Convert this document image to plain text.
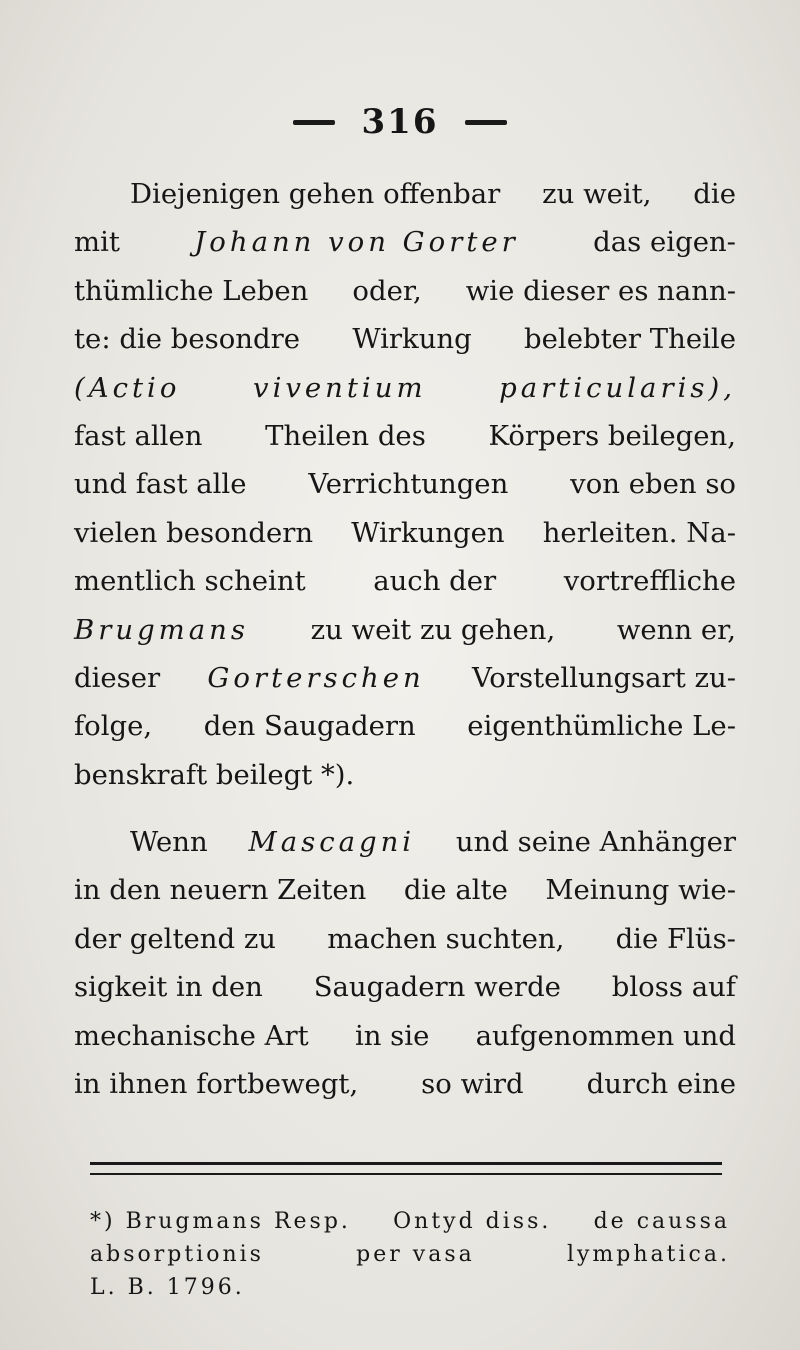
316
Diejenigen gehen offenbar zu weit, die
mit	Johann von Gorter	das eigen-
thümliche Leben oder, wie dieser es nann-
te: die besondre Wirkung belebter Theile
(Actio	viventium	particularis),
fast allen Theilen des Körpers beilegen,
und fast alle Verrichtungen von eben so
vielen besondern Wirkungen herleiten. Na-
mentlich scheint auch der vortreffliche
Brugmans zu weit zu gehen, wenn er,
dieser Gorterschen Vorstellungsart zu-
folge, den Saugadern eigenthümliche Le-
benskraft beilegt *).
Wenn Mascagni und seine Anhänger
in den neuern Zeiten die alte Meinung wie-
der geltend zu machen suchten, die Flüs-
sigkeit in den Saugadern werde bloss auf
mechanische Art in sie aufgenommen und
in ihnen fortbewegt, so wird durch eine
*) Brugmans Resp. Ontyd diss. de caussa
absorptionis	per vasa	lymphatica.
L. B. 1796.
